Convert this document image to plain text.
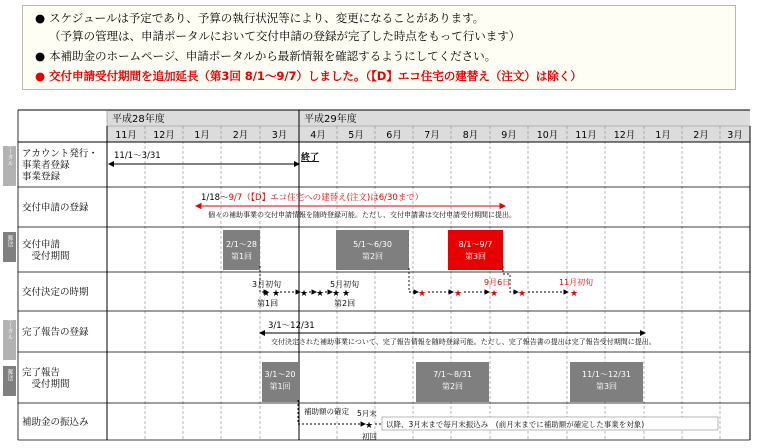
● スケジュールは予定であり、予算の執行状況等により、変更になることがあります。
（予算の管理は、申請ポータルにおいて交付申請の登録が完了した時点をもって行います）
● 本補助金のホームページ、申請ポータルから最新情報を確認するようにしてください。
● 交付申請受付期間を追加延長（第3回 8/1～9/7）しました。（【D】エコ住宅の建替え（注文）は除く）
ポータル
郵送
ポータル
郵送
平成28年度	平成29年度
11月 12月 1月 2月 3月 4月 5月 6月 7月 8月 9月 10月 11月 12月 1月 2月 3月
アカウント発行・
事業者登録
事業登録
交付申請の登録
交付申請
　受付期間
交付決定の時期
完了報告の登録
完了報告
　受付期間
補助金の振込み
11/1～3/31	終了
1/18～9/7（【D】エコ住宅への建替え(注文)は6/30まで）
個々の補助事業の交付申請情報を随時登録可能。ただし、交付申請書は交付申請受付期間に提出。
2/1～28
第1回
5/1～6/30
第2回
8/1～9/7
第3回
3月初旬
★ ★
第1回
★ ★ ★ ★
5月初旬
第2回
★	★	★
9月6日
★	★
11月初旬
3/1～12/31
交付決定された補助事業について、完了報告情報を随時登録可能。ただし、完了報告書の提出は完了報告受付期間に提出。
3/1～20
第1回
7/1～8/31
第2回
11/1～12/31
第3回
補助額の確定 5月末
★
初回
以降、3月末まで毎月末振込み　(前月末までに補助額が確定した事業を対象)
